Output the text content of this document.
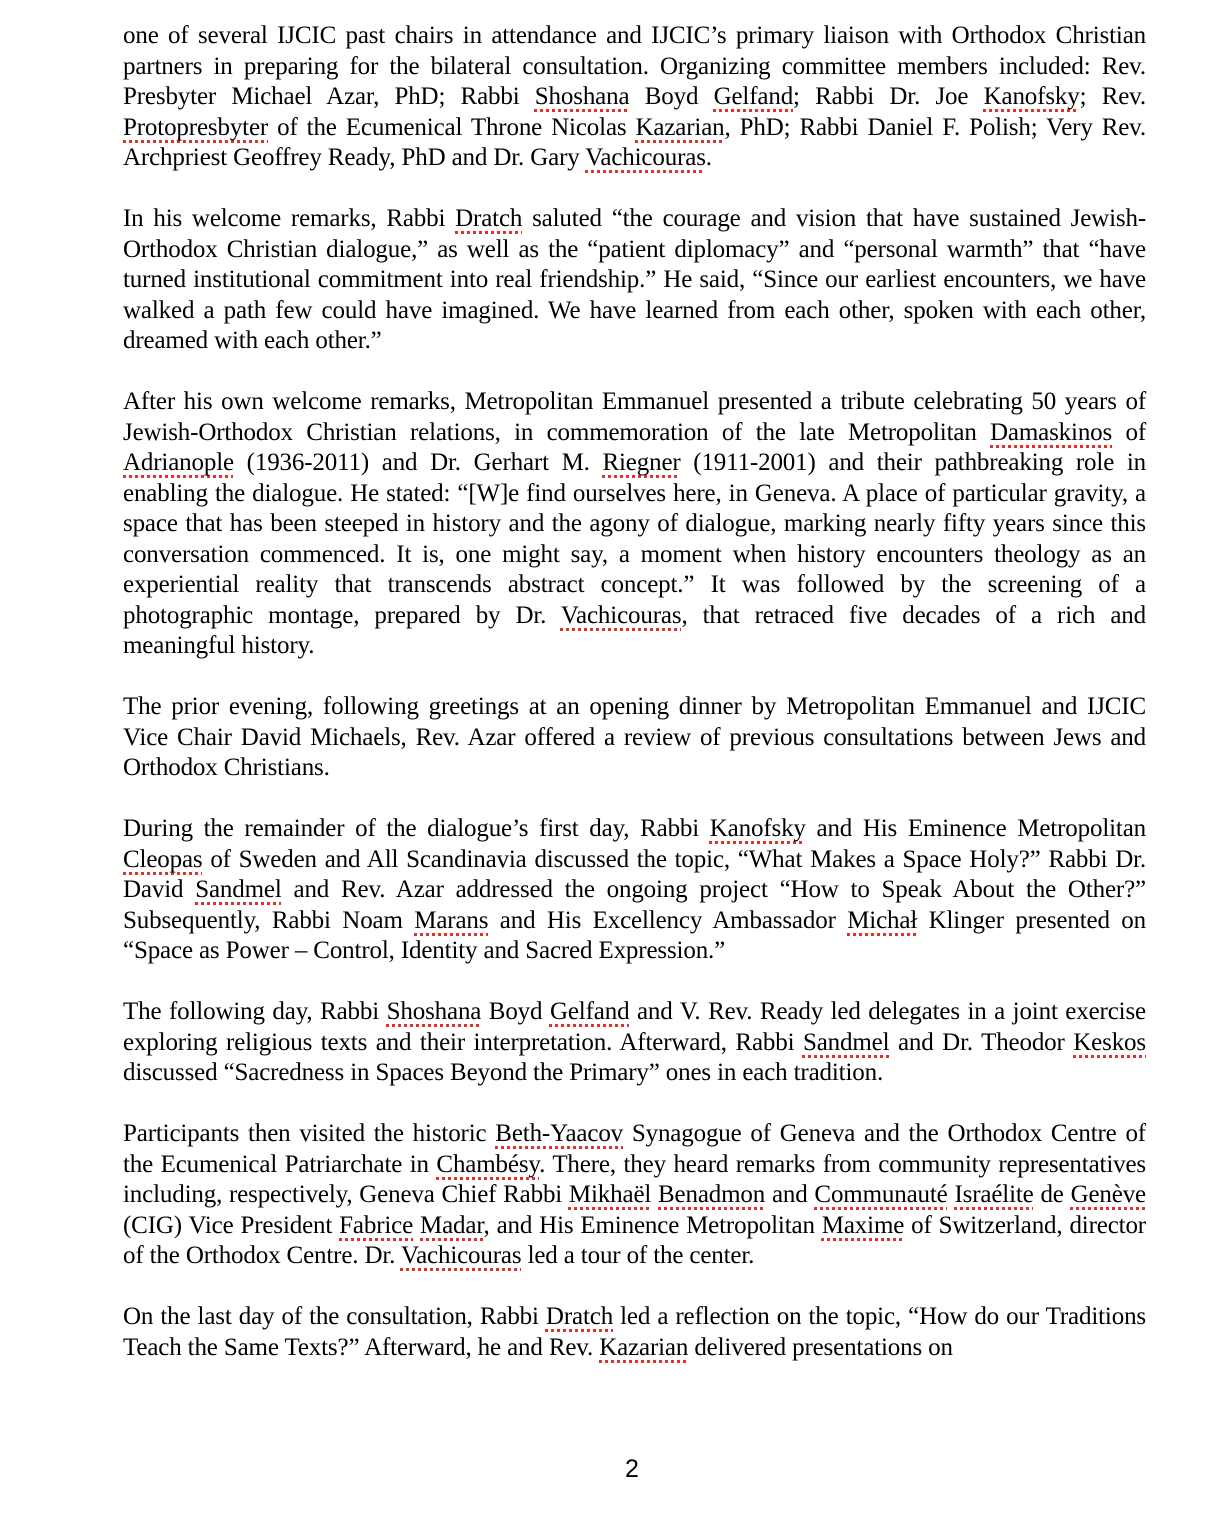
one of several IJCIC past chairs in attendance and IJCIC’s primary liaison with Orthodox Christian partners in preparing for the bilateral consultation. Organizing committee members included: Rev. Presbyter Michael Azar, PhD; Rabbi Shoshana Boyd Gelfand; Rabbi Dr. Joe Kanofsky; Rev. Protopresbyter of the Ecumenical Throne Nicolas Kazarian, PhD; Rabbi Daniel F. Polish; Very Rev. Archpriest Geoffrey Ready, PhD and Dr. Gary Vachicouras.

In his welcome remarks, Rabbi Dratch saluted “the courage and vision that have sustained Jewish-Orthodox Christian dialogue,” as well as the “patient diplomacy” and “personal warmth” that “have turned institutional commitment into real friendship.” He said, “Since our earliest encounters, we have walked a path few could have imagined. We have learned from each other, spoken with each other, dreamed with each other.”

After his own welcome remarks, Metropolitan Emmanuel presented a tribute celebrating 50 years of Jewish-Orthodox Christian relations, in commemoration of the late Metropolitan Damaskinos of Adrianople (1936-2011) and Dr. Gerhart M. Riegner (1911-2001) and their pathbreaking role in enabling the dialogue. He stated: “[W]e find ourselves here, in Geneva. A place of particular gravity, a space that has been steeped in history and the agony of dialogue, marking nearly fifty years since this conversation commenced. It is, one might say, a moment when history encounters theology as an experiential reality that transcends abstract concept.” It was followed by the screening of a photographic montage, prepared by Dr. Vachicouras, that retraced five decades of a rich and meaningful history.

The prior evening, following greetings at an opening dinner by Metropolitan Emmanuel and IJCIC Vice Chair David Michaels, Rev. Azar offered a review of previous consultations between Jews and Orthodox Christians.

During the remainder of the dialogue’s first day, Rabbi Kanofsky and His Eminence Metropolitan Cleopas of Sweden and All Scandinavia discussed the topic, “What Makes a Space Holy?” Rabbi Dr. David Sandmel and Rev. Azar addressed the ongoing project “How to Speak About the Other?” Subsequently, Rabbi Noam Marans and His Excellency Ambassador Michał Klinger presented on “Space as Power – Control, Identity and Sacred Expression.”

The following day, Rabbi Shoshana Boyd Gelfand and V. Rev. Ready led delegates in a joint exercise exploring religious texts and their interpretation. Afterward, Rabbi Sandmel and Dr. Theodor Keskos discussed “Sacredness in Spaces Beyond the Primary” ones in each tradition.

Participants then visited the historic Beth-Yaacov Synagogue of Geneva and the Orthodox Centre of the Ecumenical Patriarchate in Chambésy. There, they heard remarks from community representatives including, respectively, Geneva Chief Rabbi Mikhaël Benadmon and Communauté Israélite de Genève (CIG) Vice President Fabrice Madar, and His Eminence Metropolitan Maxime of Switzerland, director of the Orthodox Centre. Dr. Vachicouras led a tour of the center.

On the last day of the consultation, Rabbi Dratch led a reflection on the topic, “How do our Traditions Teach the Same Texts?” Afterward, he and Rev. Kazarian delivered presentations on

2
